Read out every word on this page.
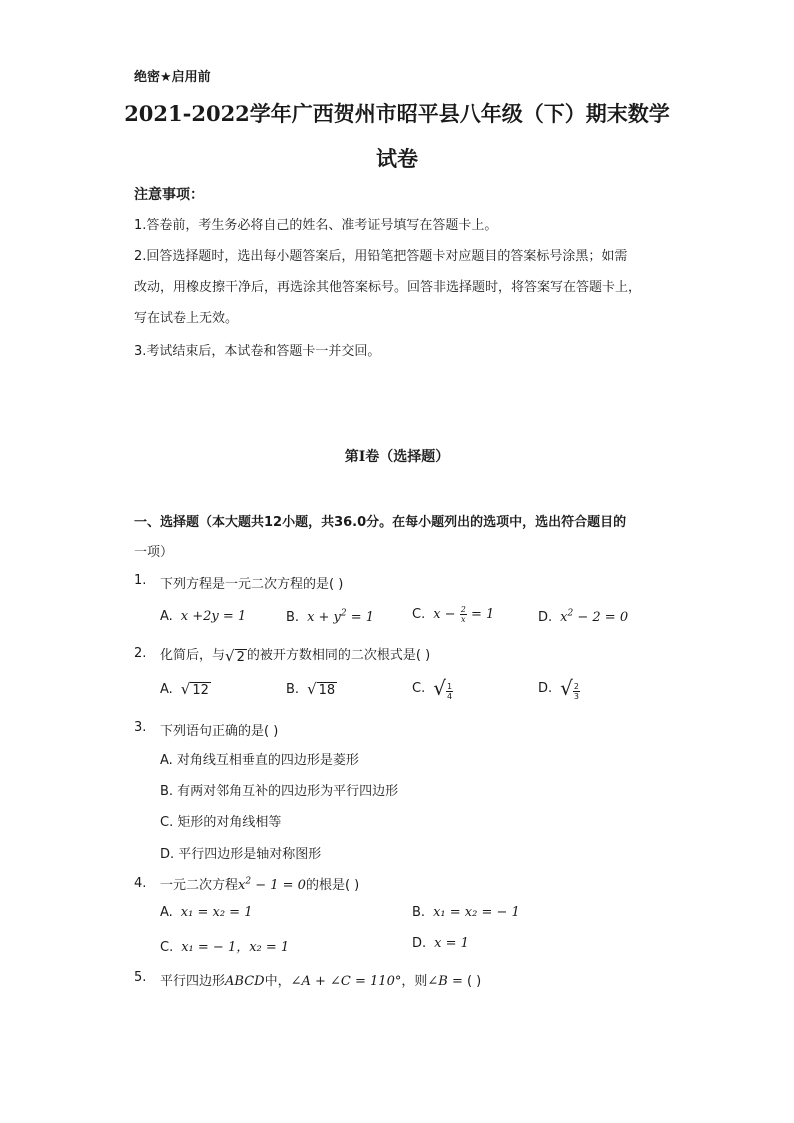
绝密★启用前
2021-2022学年广西贺州市昭平县八年级（下）期末数学
试卷
注意事项：
1.答卷前，考生务必将自己的姓名、准考证号填写在答题卡上。
2.回答选择题时，选出每小题答案后，用铅笔把答题卡对应题目的答案标号涂黑；如需
改动，用橡皮擦干净后，再选涂其他答案标号。回答非选择题时，将答案写在答题卡上，
写在试卷上无效。
3.考试结束后，本试卷和答题卡一并交回。
第I卷（选择题）
一、选择题（本大题共12小题，共36.0分。在每小题列出的选项中，选出符合题目的
一项）
1. 下列方程是一元二次方程的是( )
A. x +2y = 1	B. $x + y^2 = 1$	C. $x - \frac{2}{x} = 1$	D. $x^2 - 2 = 0$
2. 化简后，与√ 2 的被开方数相同的二次根式是( )
A. √ 12	B. √ 18	C. √ $\frac{1}{4}$	D. √ $\frac{2}{3}$
3. 下列语句正确的是( )
A. 对角线互相垂直的四边形是菱形
B. 有两对邻角互补的四边形为平行四边形
C. 矩形的对角线相等
D. 平行四边形是轴对称图形
4. 一元二次方程$x^2 - 1 = 0$的根是( )
A. x₁ = x₂ = 1	B. x₁ = x₂ = − 1
C. x₁ = − 1，x₂ = 1	D. x = 1
5. 平行四边形ABCD中，∠A + ∠C = 110°，则∠B = ( )
